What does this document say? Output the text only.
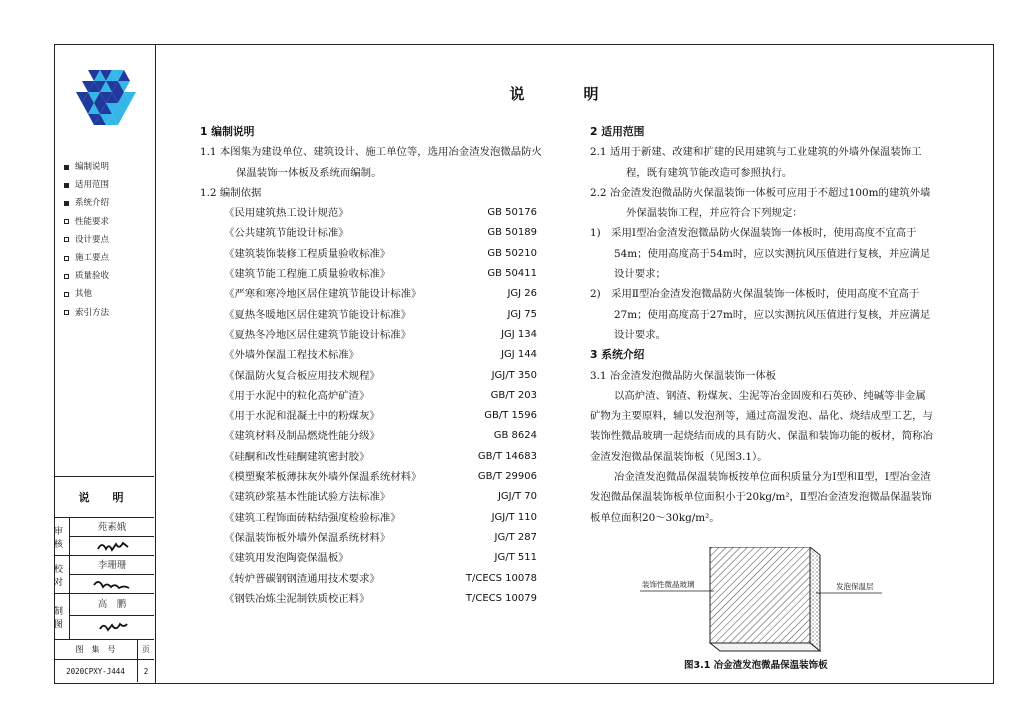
编制说明
适用范围
系统介绍
性能要求
设计要点
施工要点
质量验收
其他
索引方法
说　明
审核
苑素娥
校对
李珊珊
制图
高　鹏
图　集　号	页
2020CPXY-J444	2
说　明
1 编制说明
1.1 本图集为建设单位、建筑设计、施工单位等，选用冶金渣发泡微晶防火保温装饰一体板及系统而编制。
1.2 编制依据
《民用建筑热工设计规范》	GB 50176
《公共建筑节能设计标准》	GB 50189
《建筑装饰装修工程质量验收标准》	GB 50210
《建筑节能工程施工质量验收标准》	GB 50411
《严寒和寒冷地区居住建筑节能设计标准》	JGJ 26
《夏热冬暖地区居住建筑节能设计标准》	JGJ 75
《夏热冬冷地区居住建筑节能设计标准》	JGJ 134
《外墙外保温工程技术标准》	JGJ 144
《保温防火复合板应用技术规程》	JGJ/T 350
《用于水泥中的粒化高炉矿渣》	GB/T 203
《用于水泥和混凝土中的粉煤灰》	GB/T 1596
《建筑材料及制品燃烧性能分级》	GB 8624
《硅酮和改性硅酮建筑密封胶》	GB/T 14683
《模塑聚苯板薄抹灰外墙外保温系统材料》	GB/T 29906
《建筑砂浆基本性能试验方法标准》	JGJ/T 70
《建筑工程饰面砖粘结强度检验标准》	JGJ/T 110
《保温装饰板外墙外保温系统材料》	JG/T 287
《建筑用发泡陶瓷保温板》	JG/T 511
《转炉普碳钢钢渣通用技术要求》	T/CECS 10078
《钢铁冶炼尘泥制铁质校正料》	T/CECS 10079
2 适用范围
2.1 适用于新建、改建和扩建的民用建筑与工业建筑的外墙外保温装饰工程，既有建筑节能改造可参照执行。
2.2 冶金渣发泡微晶防火保温装饰一体板可应用于不超过100m的建筑外墙外保温装饰工程，并应符合下列规定：
1)　采用Ⅰ型冶金渣发泡微晶防火保温装饰一体板时，使用高度不宜高于54m；使用高度高于54m时，应以实测抗风压值进行复核，并应满足设计要求；
2)　采用Ⅱ型冶金渣发泡微晶防火保温装饰一体板时，使用高度不宜高于27m；使用高度高于27m时，应以实测抗风压值进行复核，并应满足设计要求。
3 系统介绍
3.1 冶金渣发泡微晶防火保温装饰一体板
以高炉渣、钢渣、粉煤灰、尘泥等冶金固废和石英砂、纯碱等非金属矿物为主要原料，辅以发泡剂等，通过高温发泡、晶化、烧结成型工艺，与装饰性微晶玻璃一起烧结而成的具有防火、保温和装饰功能的板材，简称冶金渣发泡微晶保温装饰板（见图3.1）。
冶金渣发泡微晶保温装饰板按单位面积质量分为Ⅰ型和Ⅱ型，Ⅰ型冶金渣发泡微晶保温装饰板单位面积小于20kg/m²，Ⅱ型冶金渣发泡微晶保温装饰板单位面积20～30kg/m²。
装饰性微晶玻璃	发泡保温层
图3.1 冶金渣发泡微晶保温装饰板
